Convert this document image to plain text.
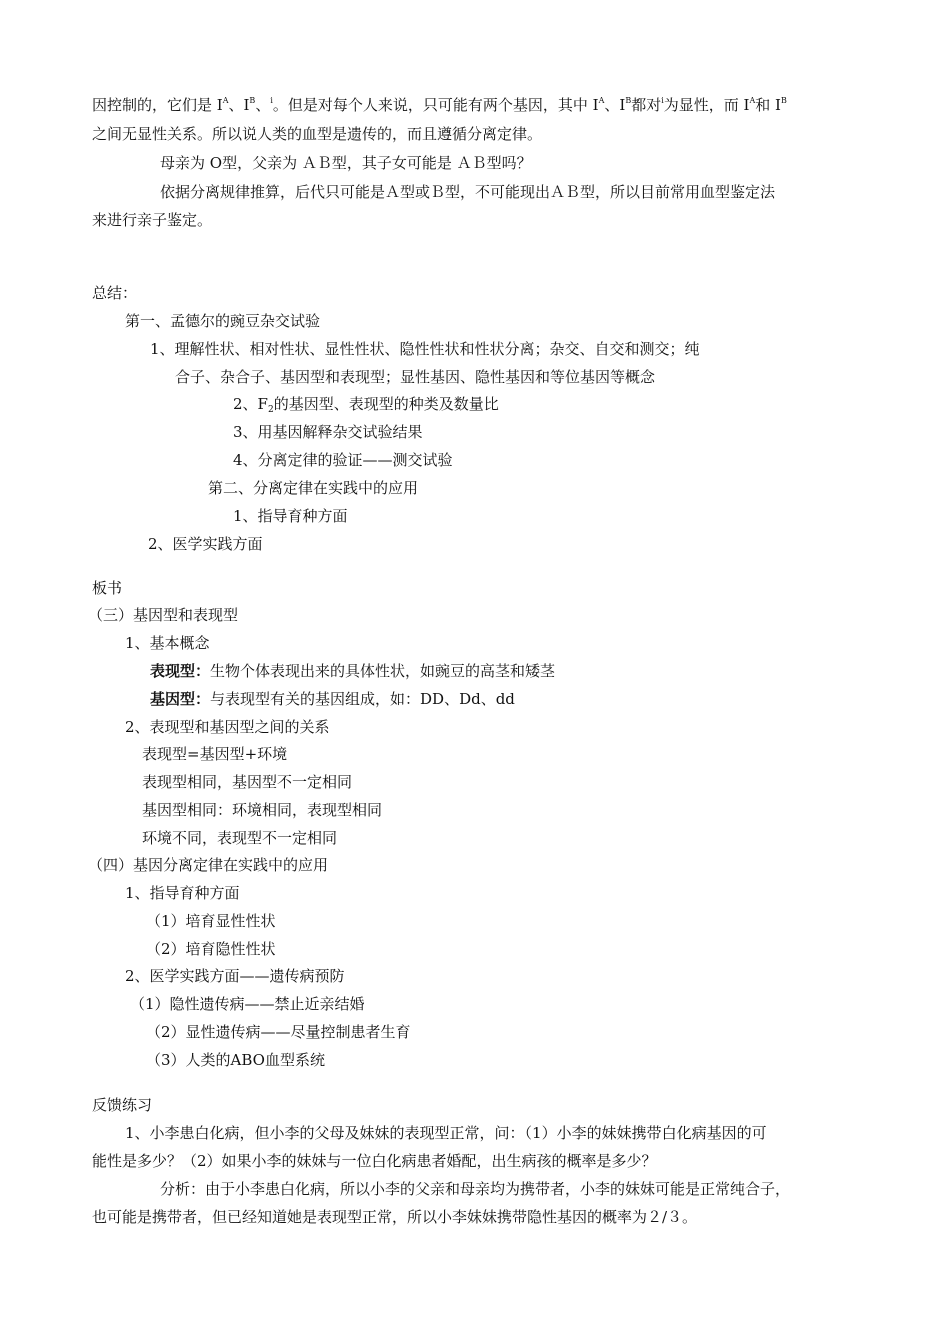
因控制的，它们是 $I^A$、$I^B$、$^i$。但是对每个人来说，只可能有两个基因，其中 $I^A$、$I^B$都对$^i$为显性，而 $I^A$和 $I^B$
之间无显性关系。所以说人类的血型是遗传的，而且遵循分离定律。
母亲为 O型，父亲为 ＡＢ型，其子女可能是 ＡＢ型吗？
依据分离规律推算，后代只可能是Ａ型或Ｂ型，不可能现出ＡＢ型，所以目前常用血型鉴定法
来进行亲子鉴定。
总结：
第一、孟德尔的豌豆杂交试验
1、理解性状、相对性状、显性性状、隐性性状和性状分离；杂交、自交和测交；纯
合子、杂合子、基因型和表现型；显性基因、隐性基因和等位基因等概念
2、$F_2$的基因型、表现型的种类及数量比
3、用基因解释杂交试验结果
4、分离定律的验证——测交试验
第二、分离定律在实践中的应用
1、指导育种方面
2、医学实践方面
板书
（三）基因型和表现型
1、基本概念
表现型：生物个体表现出来的具体性状，如豌豆的高茎和矮茎
基因型：与表现型有关的基因组成，如：DD、Dd、dd
2、表现型和基因型之间的关系
表现型=基因型+环境
表现型相同，基因型不一定相同
基因型相同：环境相同，表现型相同
环境不同，表现型不一定相同
（四）基因分离定律在实践中的应用
1、指导育种方面
（1）培育显性性状
（2）培育隐性性状
2、医学实践方面——遗传病预防
（1）隐性遗传病——禁止近亲结婚
（2）显性遗传病——尽量控制患者生育
（3）人类的ABO血型系统
反馈练习
1、小李患白化病，但小李的父母及妹妹的表现型正常，问：（1）小李的妹妹携带白化病基因的可
能性是多少？（2）如果小李的妹妹与一位白化病患者婚配，出生病孩的概率是多少？
分析：由于小李患白化病，所以小李的父亲和母亲均为携带者，小李的妹妹可能是正常纯合子，
也可能是携带者，但已经知道她是表现型正常，所以小李妹妹携带隐性基因的概率为２/３。
